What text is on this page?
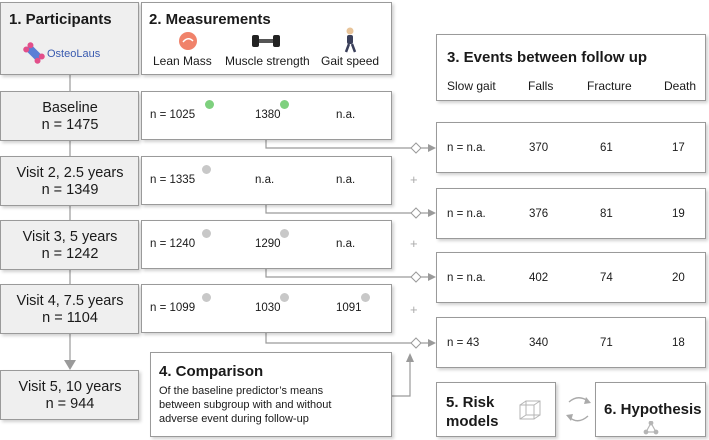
1. Participants
OsteoLaus
2. Measurements
Lean Mass Muscle strength Gait speed
Baseline
n = 1475
Visit 2, 2.5 years
n = 1349
Visit 3, 5 years
n = 1242
Visit 4, 7.5 years
n = 1104
Visit 5, 10 years
n = 944
n = 1025	1380	n.a.
n = 1335	n.a.	n.a.
n = 1240	1290	n.a.
n = 1099	1030	1091
+
+
+
3. Events between follow up
Slow gait	Falls	Fracture	Death
n = n.a.	370	61	17
n = n.a.	376	81	19
n = n.a.	402	74	20
n = 43	340	71	18
4. Comparison
Of the baseline predictor’s means
between subgroup with and without
adverse event during follow-up
5. Risk
models
6. Hypothesis
